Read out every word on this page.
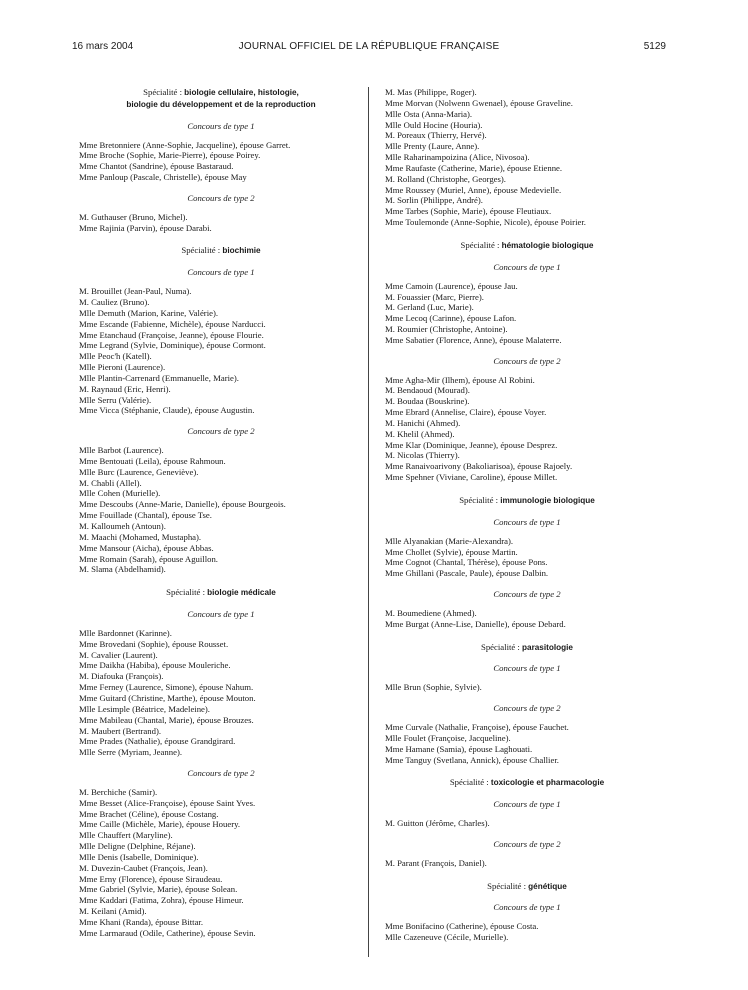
16 mars 2004	JOURNAL OFFICIEL DE LA RÉPUBLIQUE FRANÇAISE	5129
Spécialité : biologie cellulaire, histologie,
biologie du développement et de la reproduction

Concours de type 1

Mme Bretonniere (Anne-Sophie, Jacqueline), épouse Garret.

Mme Broche (Sophie, Marie-Pierre), épouse Poirey.

Mme Chantot (Sandrine), épouse Bastaraud.

Mme Panloup (Pascale, Christelle), épouse May

Concours de type 2

M. Guthauser (Bruno, Michel).

Mme Rajinia (Parvin), épouse Darabi.

Spécialité : biochimie

Concours de type 1

M. Brouillet (Jean-Paul, Numa).

M. Cauliez (Bruno).

Mlle Demuth (Marion, Karine, Valérie).

Mme Escande (Fabienne, Michèle), épouse Narducci.

Mme Etanchaud (Françoise, Jeanne), épouse Flourie.

Mme Legrand (Sylvie, Dominique), épouse Cormont.

Mlle Peoc'h (Katell).

Mlle Pieroni (Laurence).

Mlle Plantin-Carrenard (Emmanuelle, Marie).

M. Raynaud (Eric, Henri).

Mlle Serru (Valérie).

Mme Vicca (Stéphanie, Claude), épouse Augustin.

Concours de type 2

Mlle Barbot (Laurence).

Mme Bentouati (Leila), épouse Rahmoun.

Mlle Burc (Laurence, Geneviève).

M. Chabli (Allel).

Mlle Cohen (Murielle).

Mme Descoubs (Anne-Marie, Danielle), épouse Bourgeois.

Mme Fouillade (Chantal), épouse Tse.

M. Kalloumeh (Antoun).

M. Maachi (Mohamed, Mustapha).

Mme Mansour (Aicha), épouse Abbas.

Mme Romain (Sarah), épouse Aguillon.

M. Slama (Abdelhamid).

Spécialité : biologie médicale

Concours de type 1

Mlle Bardonnet (Karinne).

Mme Brovedani (Sophie), épouse Rousset.

M. Cavalier (Laurent).

Mme Daikha (Habiba), épouse Mouleriche.

M. Diafouka (François).

Mme Ferney (Laurence, Simone), épouse Nahum.

Mme Guitard (Christine, Marthe), épouse Mouton.

Mlle Lesimple (Béatrice, Madeleine).

Mme Mabileau (Chantal, Marie), épouse Brouzes.

M. Maubert (Bertrand).

Mme Prades (Nathalie), épouse Grandgirard.

Mlle Serre (Myriam, Jeanne).

Concours de type 2

M. Berchiche (Samir).

Mme Besset (Alice-Françoise), épouse Saint Yves.

Mme Brachet (Céline), épouse Costang.

Mme Caille (Michèle, Marie), épouse Houery.

Mlle Chauffert (Maryline).

Mlle Deligne (Delphine, Réjane).

Mlle Denis (Isabelle, Dominique).

M. Duvezin-Caubet (François, Jean).

Mme Erny (Florence), épouse Siraudeau.

Mme Gabriel (Sylvie, Marie), épouse Solean.

Mme Kaddari (Fatima, Zohra), épouse Himeur.

M. Keilani (Amid).

Mme Khani (Randa), épouse Bittar.

Mme Larmaraud (Odile, Catherine), épouse Sevin.

M. Mas (Philippe, Roger).

Mme Morvan (Nolwenn Gwenael), épouse Graveline.

Mlle Osta (Anna-Maria).

Mlle Ould Hocine (Houria).

M. Poreaux (Thierry, Hervé).

Mlle Prenty (Laure, Anne).

Mlle Raharinampoizina (Alice, Nivosoa).

Mme Raufaste (Catherine, Marie), épouse Etienne.

M. Rolland (Christophe, Georges).

Mme Roussey (Muriel, Anne), épouse Medevielle.

M. Sorlin (Philippe, André).

Mme Tarbes (Sophie, Marie), épouse Fleutiaux.

Mme Toulemonde (Anne-Sophie, Nicole), épouse Poirier.

Spécialité : hématologie biologique

Concours de type 1

Mme Camoin (Laurence), épouse Jau.

M. Fouassier (Marc, Pierre).

M. Gerland (Luc, Marie).

Mme Lecoq (Carinne), épouse Lafon.

M. Roumier (Christophe, Antoine).

Mme Sabatier (Florence, Anne), épouse Malaterre.

Concours de type 2

Mme Agha-Mir (Ilhem), épouse Al Robini.

M. Bendaoud (Mourad).

M. Boudaa (Bouskrine).

Mme Ebrard (Annelise, Claire), épouse Voyer.

M. Hanichi (Ahmed).

M. Khelil (Ahmed).

Mme Klar (Dominique, Jeanne), épouse Desprez.

M. Nicolas (Thierry).

Mme Ranaivoarivony (Bakoliarisoa), épouse Rajoely.

Mme Spehner (Viviane, Caroline), épouse Millet.

Spécialité : immunologie biologique

Concours de type 1

Mlle Alyanakian (Marie-Alexandra).

Mme Chollet (Sylvie), épouse Martin.

Mme Cognot (Chantal, Thérèse), épouse Pons.

Mme Ghillani (Pascale, Paule), épouse Dalbin.

Concours de type 2

M. Boumediene (Ahmed).

Mme Burgat (Anne-Lise, Danielle), épouse Debard.

Spécialité : parasitologie

Concours de type 1

Mlle Brun (Sophie, Sylvie).

Concours de type 2

Mme Curvale (Nathalie, Françoise), épouse Fauchet.

Mlle Foulet (Françoise, Jacqueline).

Mme Hamane (Samia), épouse Laghouati.

Mme Tanguy (Svetlana, Annick), épouse Challier.

Spécialité : toxicologie et pharmacologie

Concours de type 1

M. Guitton (Jérôme, Charles).

Concours de type 2

M. Parant (François, Daniel).

Spécialité : génétique

Concours de type 1

Mme Bonifacino (Catherine), épouse Costa.

Mlle Cazeneuve (Cécile, Murielle).
